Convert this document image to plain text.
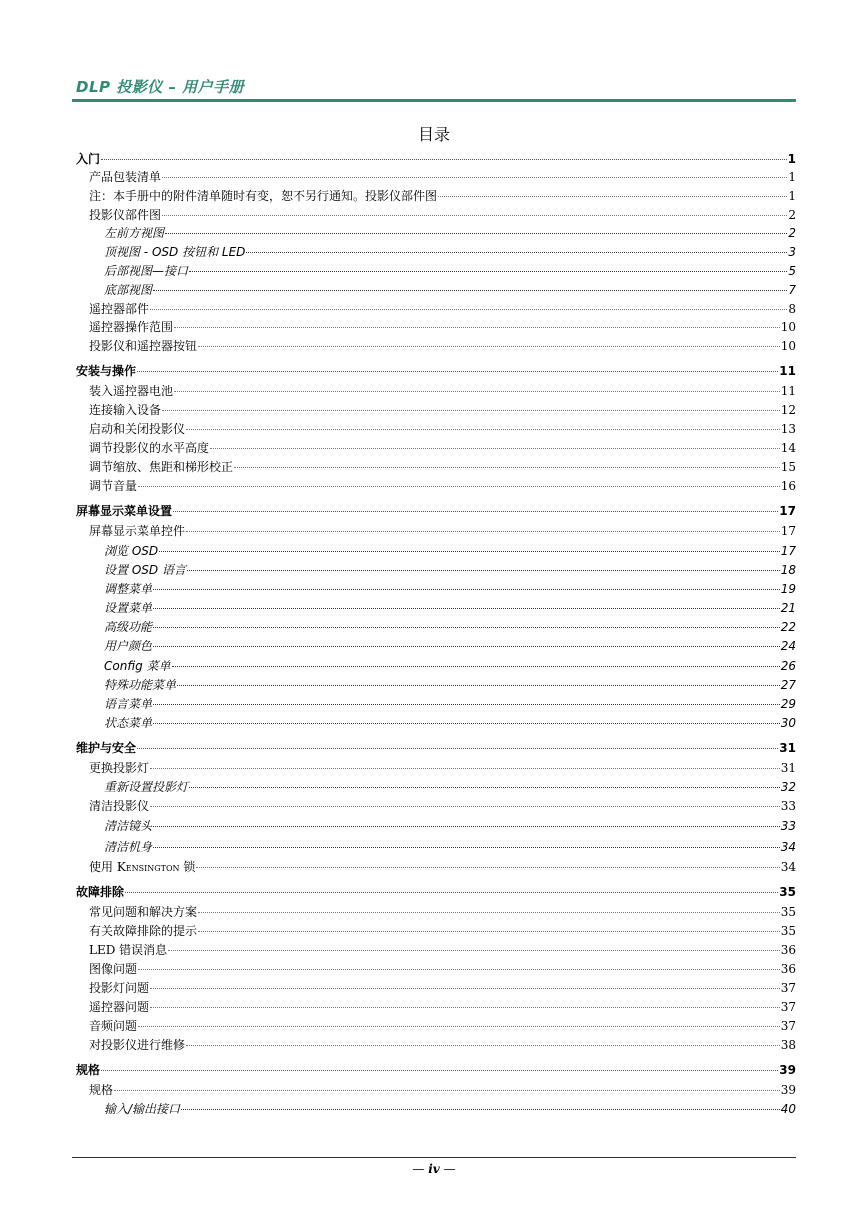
DLP 投影仪 – 用户手册
目录
入门	1
产品包装清单	1
注：本手册中的附件清单随时有变，恕不另行通知。投影仪部件图	1
投影仪部件图	2
左前方视图	2
顶视图 - OSD 按钮和 LED	3
后部视图—接口	5
底部视图	7
遥控器部件	8
遥控器操作范围	10
投影仪和遥控器按钮	10
安装与操作	11
装入遥控器电池	11
连接输入设备	12
启动和关闭投影仪	13
调节投影仪的水平高度	14
调节缩放、焦距和梯形校正	15
调节音量	16
屏幕显示菜单设置	17
屏幕显示菜单控件	17
浏览 OSD	17
设置 OSD 语言	18
调整菜单	19
设置菜单	21
高级功能	22
用户颜色	24
Config 菜单	26
特殊功能菜单	27
语言菜单	29
状态菜单	30
维护与安全	31
更换投影灯	31
重新设置投影灯	32
清洁投影仪	33
清洁镜头	33
清洁机身	34
使用 Kensington 锁	34
故障排除	35
常见问题和解决方案	35
有关故障排除的提示	35
LED 错误消息	36
图像问题	36
投影灯问题	37
遥控器问题	37
音频问题	37
对投影仪进行维修	38
规格	39
规格	39
输入/输出接口	40
— iv —
